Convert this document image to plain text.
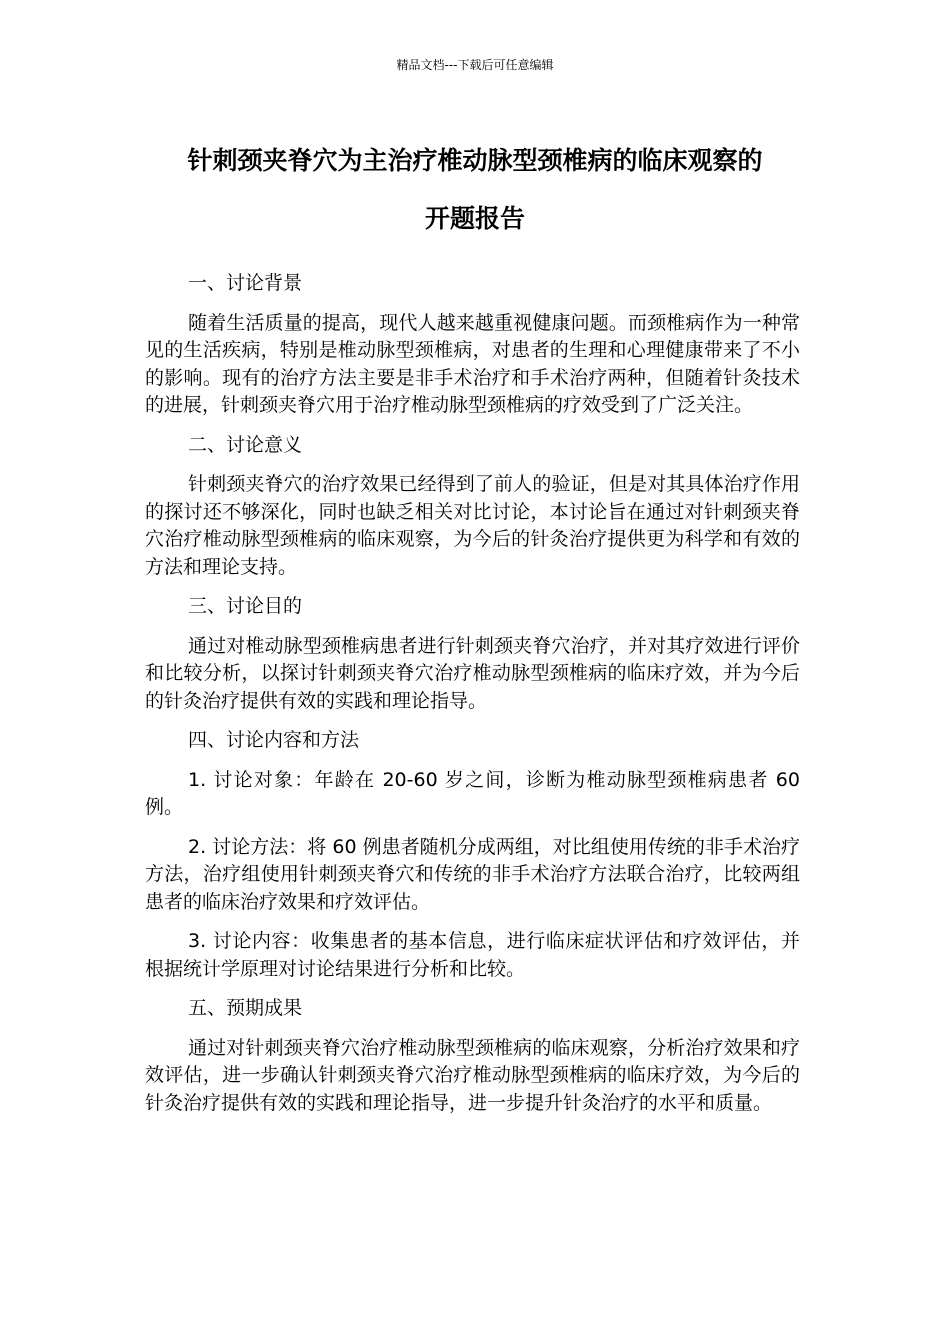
精品文档---下载后可任意编辑
针刺颈夹脊穴为主治疗椎动脉型颈椎病的临床观察的
开题报告

一、讨论背景

随着生活质量的提高，现代人越来越重视健康问题。而颈椎病作为一种常见的生活疾病，特别是椎动脉型颈椎病，对患者的生理和心理健康带来了不小的影响。现有的治疗方法主要是非手术治疗和手术治疗两种，但随着针灸技术的进展，针刺颈夹脊穴用于治疗椎动脉型颈椎病的疗效受到了广泛关注。

二、讨论意义

针刺颈夹脊穴的治疗效果已经得到了前人的验证，但是对其具体治疗作用的探讨还不够深化，同时也缺乏相关对比讨论，本讨论旨在通过对针刺颈夹脊穴治疗椎动脉型颈椎病的临床观察，为今后的针灸治疗提供更为科学和有效的方法和理论支持。

三、讨论目的

通过对椎动脉型颈椎病患者进行针刺颈夹脊穴治疗，并对其疗效进行评价和比较分析，以探讨针刺颈夹脊穴治疗椎动脉型颈椎病的临床疗效，并为今后的针灸治疗提供有效的实践和理论指导。

四、讨论内容和方法

1. 讨论对象：年龄在 20-60 岁之间，诊断为椎动脉型颈椎病患者 60 例。

2. 讨论方法：将 60 例患者随机分成两组，对比组使用传统的非手术治疗方法，治疗组使用针刺颈夹脊穴和传统的非手术治疗方法联合治疗，比较两组患者的临床治疗效果和疗效评估。

3. 讨论内容：收集患者的基本信息，进行临床症状评估和疗效评估，并根据统计学原理对讨论结果进行分析和比较。

五、预期成果

通过对针刺颈夹脊穴治疗椎动脉型颈椎病的临床观察，分析治疗效果和疗效评估，进一步确认针刺颈夹脊穴治疗椎动脉型颈椎病的临床疗效，为今后的针灸治疗提供有效的实践和理论指导，进一步提升针灸治疗的水平和质量。
